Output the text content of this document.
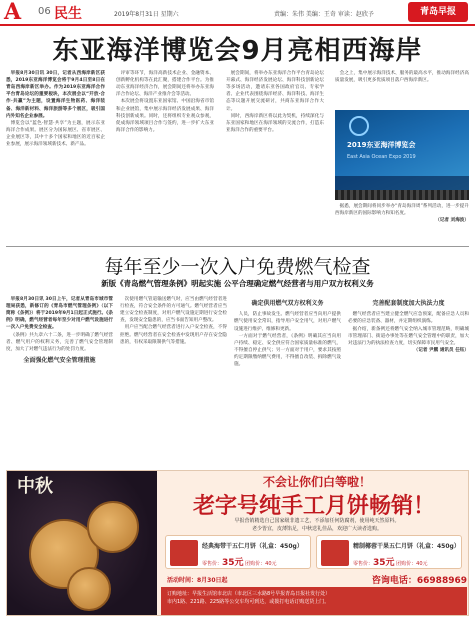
A 06 民生	2019年8月31日 星期六	责编：朱伟 美编：王奇 审读：赵欣予	青岛早报
东亚海洋博览会9月亮相西海岸

早报8月30日讯 30日，记者从西海岸新区获悉，2019东亚海洋博览会将于9月4日至8日在青岛西海岸新区举办。作为2019东亚海洋合作平台青岛论坛的重要板块，本次展会以“开放·合作·共赢”为主题，设置海洋生物医药、海洋装备、海洋新材料、海洋旅游等多个展区，吸引国内外知名企业参展。

博览会以“蓝色·智慧·共享”为主题，展示东亚海洋合作成果。展区分为国际展区、省市展区、企业展区等，其中十多个国家和地区的近百家企业参展，展示海洋领域新技术、新产品。

评审等环节，海洋高新技术企业、金融资本、创新孵化机构等在此汇聚，搭建合作平台。为推动东亚海洋经济合作，展会期间还将举办东亚海洋合作论坛、海洋产业推介会等活动。

本次展会将设置东亚国家馆、中国沿海省市馆和企业展馆，集中展示海洋经济发展成果、海洋科技创新成果。同时，还将组织专业观众参观，促成海洋领域项目合作与签约，进一步扩大东亚海洋合作的影响力。

展会期间，将举办东亚海洋合作平台青岛论坛开幕式、海洋经济发展论坛、海洋科技创新论坛等多场活动，邀请东亚各国政府官员、专家学者、企业代表围绕海洋经济、海洋科技、海洋生态等议题开展交流研讨，共商东亚海洋合作大计。

同时，西海岸新区将以此为契机，持续深化与东亚国家和地区在海洋领域的交流合作，打造东亚海洋合作的重要平台。

会之上，集中展示海洋技术、服务的最高水平，推动海洋经济高质量发展，吸引更多优质项目落户西海岸新区。

2019东亚海洋博览会
East Asia Ocean Expo 2019

据悉，展会期间将同步举办“青岛海洋周”系列活动，进一步提升西海岸新区的国际影响力和知名度。

（记者 刘海波）

每年至少一次入户免费燃气检查
新版《青岛燃气管理条例》明起实施 公平合理确定燃气经营者与用户双方权利义务

早报8月30日讯 30日上午，记者从青岛市城市管理局获悉，新修订的《青岛市燃气管理条例》（以下简称《条例》）将于2019年9月1日起正式施行。《条例》明确，燃气经营者每年至少对用户燃气设施进行一次入户免费安全检查。

《条例》共九章六十二条，进一步明确了燃气经营者、燃气用户的权利义务，完善了燃气安全管理制度，加大了对燃气违法行为的处罚力度。

全面强化燃气安全管理措施

次使用燃气管道输送燃气时，应当由燃气经营者进行检查，符合安全条件的方可通气。燃气经营者应当建立安全检查制度，对用户燃气设施定期进行安全检查，发现安全隐患的，应当书面告知用户整改。

用户应当配合燃气经营者进行入户安全检查，不得拒绝。燃气经营者在安全检查中发现用户存在安全隐患的，有权采取限制供气等措施。

确定供用燃气双方权利义务

人员，防止事故发生。燃气经营者应当向用户提供燃气使用安全常识，指导用户安全用气，对用户燃气设施进行维护、维修和更新。

一方面对于燃气经营者，《条例》明确其应当向用户持续、稳定、安全供应符合国家质量标准的燃气，不得擅自停止供气；另一方面对于用户，要求其按照约定期限缴纳燃气费用，不得擅自改装、拆除燃气设施。

完善配套制度加大执法力度

燃气经营者应当建立健全燃气应急预案，配备应急人员和必要的应急装备、器材，并定期组织演练。

据介绍，新条例还将燃气安全纳入城市管理范畴，明确城市管理部门、街道办事处等在燃气安全管理中的职责，加大对违法行为的执法检查力度，切实保障市民用气安全。

（记者 尹鹏 通讯员 任钰）

中秋	不会让你们白等啦！
老字号纯手工月饼畅销！
早报营销精选自己国家级非遗工艺，不添加任何防腐剂，使用纯天然原料。
老少皆宜，皮薄馅足，中秋送礼佳品，欢迎广大读者选购。
经典海带干五仁月饼（礼盒：450g）
零售价：35元 团购价：40元
精制椰蓉干果五仁月饼（礼盒：450g）
零售价：35元 团购价：40元
活动时间：8月30日起	咨询电话：66988969
订购地址：早报生活馆市北店（市北区三水路8号早报青岛日报社发行处）
市内1路、221路、225路等公交车均可到达，或拨打电话订购送货上门。
